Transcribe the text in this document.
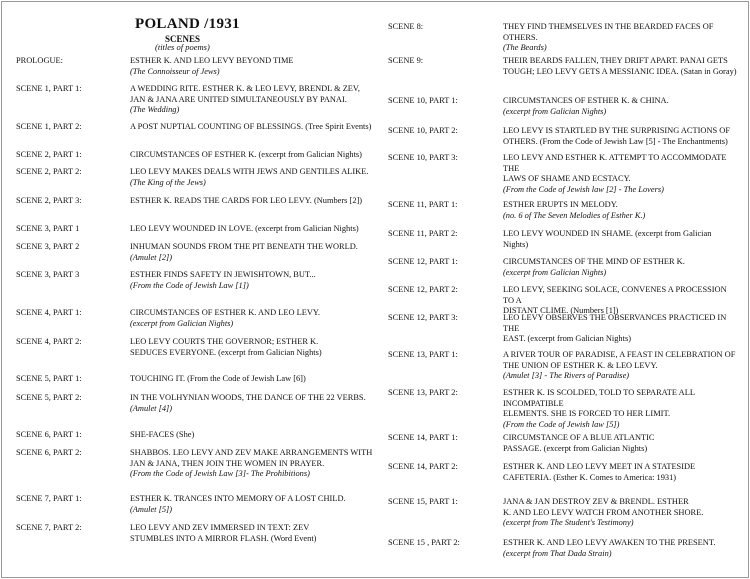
POLAND /1931
SCENES
(titles of poems)
PROLOGUE:	ESTHER K. AND LEO LEVY BEYOND TIME
(The Connoisseur of Jews)
SCENE 1, PART 1:	A WEDDING RITE. ESTHER K. & LEO LEVY, BRENDL & ZEV,
JAN & JANA ARE UNITED SIMULTANEOUSLY BY PANAI.
(The Wedding)
SCENE 1, PART 2:	A POST NUPTIAL COUNTING OF BLESSINGS. (Tree Spirit Events)
SCENE 2, PART 1:	CIRCUMSTANCES OF ESTHER K. (excerpt from Galician Nights)
SCENE 2, PART 2:	LEO LEVY MAKES DEALS WITH JEWS AND GENTILES ALIKE.
(The King of the Jews)
SCENE 2, PART 3:	ESTHER K. READS THE CARDS FOR LEO LEVY. (Numbers [2])
SCENE 3, PART 1	LEO LEVY WOUNDED IN LOVE. (excerpt from Galician Nights)
SCENE 3, PART 2	INHUMAN SOUNDS FROM THE PIT BENEATH THE WORLD.
(Amulet [2])
SCENE 3, PART 3	ESTHER FINDS SAFETY IN JEWISHTOWN, BUT...
(From the Code of Jewish Law [1])
SCENE 4, PART 1:	CIRCUMSTANCES OF ESTHER K. AND LEO LEVY.
(excerpt from Galician Nights)
SCENE 4, PART 2:	LEO LEVY COURTS THE GOVERNOR; ESTHER K.
SEDUCES EVERYONE. (excerpt from Galician Nights)
SCENE 5, PART 1:	TOUCHING IT. (From the Code of Jewish Law [6])
SCENE 5, PART 2:	IN THE VOLHYNIAN WOODS, THE DANCE OF THE 22 VERBS.
(Amulet [4])
SCENE 6, PART 1:	SHE-FACES (She)
SCENE 6, PART 2:	SHABBOS. LEO LEVY AND ZEV MAKE ARRANGEMENTS WITH
JAN & JANA, THEN JOIN THE WOMEN IN PRAYER.
(From the Code of Jewish Law [3]- The Prohibitions)
SCENE 7, PART 1:	ESTHER K. TRANCES INTO MEMORY OF A LOST CHILD.
(Amulet [5])
SCENE 7, PART 2:	LEO LEVY AND ZEV IMMERSED IN TEXT: ZEV
STUMBLES INTO A MIRROR FLASH. (Word Event)
SCENE 8:	THEY FIND THEMSELVES IN THE BEARDED FACES OF OTHERS.
(The Beards)
SCENE 9:	THEIR BEARDS FALLEN, THEY DRIFT APART. PANAI GETS
TOUGH; LEO LEVY GETS A MESSIANIC IDEA. (Satan in Goray)
SCENE 10, PART 1:	CIRCUMSTANCES OF ESTHER K. & CHINA.
(excerpt from Galician Nights)
SCENE 10, PART 2:	LEO LEVY IS STARTLED BY THE SURPRISING ACTIONS OF
OTHERS. (From the Code of Jewish Law [5] - The Enchantments)
SCENE 10, PART 3:	LEO LEVY AND ESTHER K. ATTEMPT TO ACCOMMODATE THE
LAWS OF SHAME AND ECSTACY.
(From the Code of Jewish law [2] - The Lovers)
SCENE 11, PART 1:	ESTHER ERUPTS IN MELODY.
(no. 6 of The Seven Melodies of Esther K.)
SCENE 11, PART 2:	LEO LEVY WOUNDED IN SHAME. (excerpt from Galician Nights)
SCENE 12, PART 1:	CIRCUMSTANCES OF THE MIND OF ESTHER K.
(excerpt from Galician Nights)
SCENE 12, PART 2:	LEO LEVY, SEEKING SOLACE, CONVENES A PROCESSION TO A
DISTANT CLIME. (Numbers [1])
SCENE 12, PART 3:	LEO LEVY OBSERVES THE OBSERVANCES PRACTICED IN THE
EAST. (excerpt from Galician Nights)
SCENE 13, PART 1:	A RIVER TOUR OF PARADISE, A FEAST IN CELEBRATION OF
THE UNION OF ESTHER K. & LEO LEVY.
(Amulet [3] - The Rivers of Paradise)
SCENE 13, PART 2:	ESTHER K. IS SCOLDED, TOLD TO SEPARATE ALL INCOMPATIBLE
ELEMENTS. SHE IS FORCED TO HER LIMIT.
(From the Code of Jewish law [5])
SCENE 14, PART 1:	CIRCUMSTANCE OF A BLUE ATLANTIC
PASSAGE. (excerpt from Galician Nights)
SCENE 14, PART 2:	ESTHER K. AND LEO LEVY MEET IN A STATESIDE
CAFETERIA. (Esther K. Comes to America: 1931)
SCENE 15, PART 1:	JANA & JAN DESTROY ZEV & BRENDL. ESTHER
K. AND LEO LEVY WATCH FROM ANOTHER SHORE.
(excerpt from The Student's Testimony)
SCENE 15 , PART 2:	ESTHER K. AND LEO LEVY AWAKEN TO THE PRESENT.
(excerpt from That Dada Strain)
